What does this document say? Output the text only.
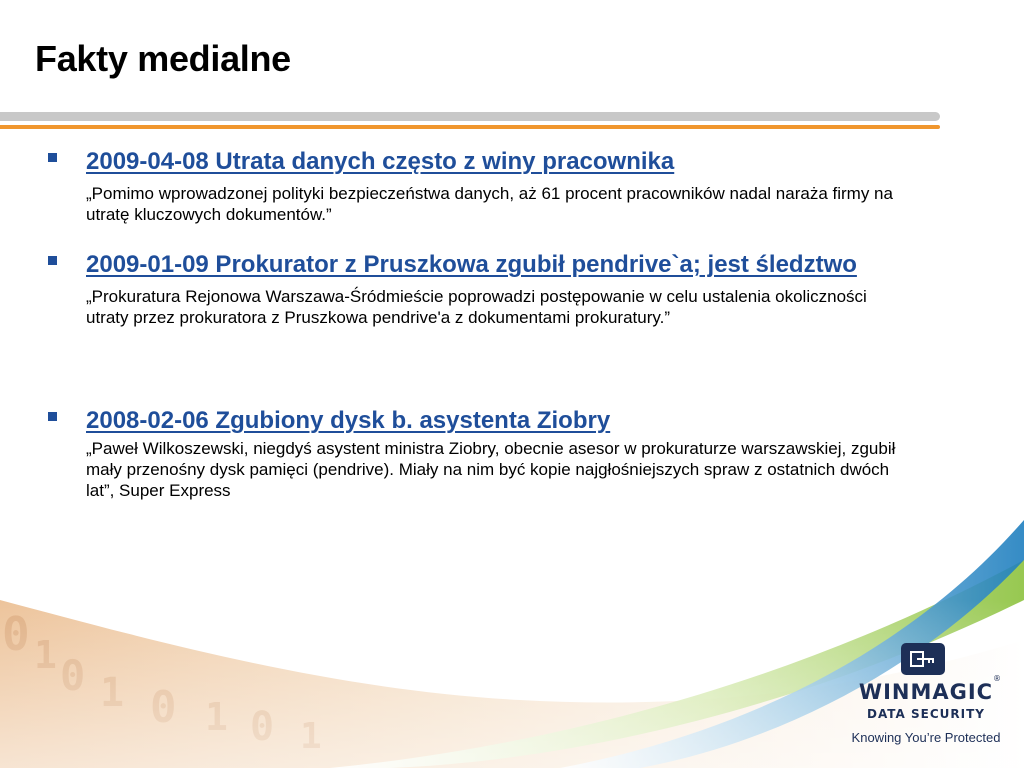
Fakty medialne
2009-04-08 Utrata danych często z winy pracownika

„Pomimo wprowadzonej polityki bezpieczeństwa danych, aż 61 procent pracowników nadal naraża firmy na utratę kluczowych dokumentów.”

2009-01-09 Prokurator z Pruszkowa zgubił pendrive`a; jest śledztwo

„Prokuratura Rejonowa Warszawa-Śródmieście poprowadzi postępowanie w celu ustalenia okoliczności utraty przez prokuratora z Pruszkowa pendrive'a z dokumentami prokuratury.”

2008-02-06 Zgubiony dysk b. asystenta Ziobry

„Paweł Wilkoszewski, niegdyś asystent ministra Ziobry, obecnie asesor w prokuraturze warszawskiej, zgubił mały przenośny dysk pamięci (pendrive). Miały na nim być kopie najgłośniejszych spraw z ostatnich dwóch lat”, Super Express

WINMAGIC
®
DATA SECURITY
Knowing You’re Protected
